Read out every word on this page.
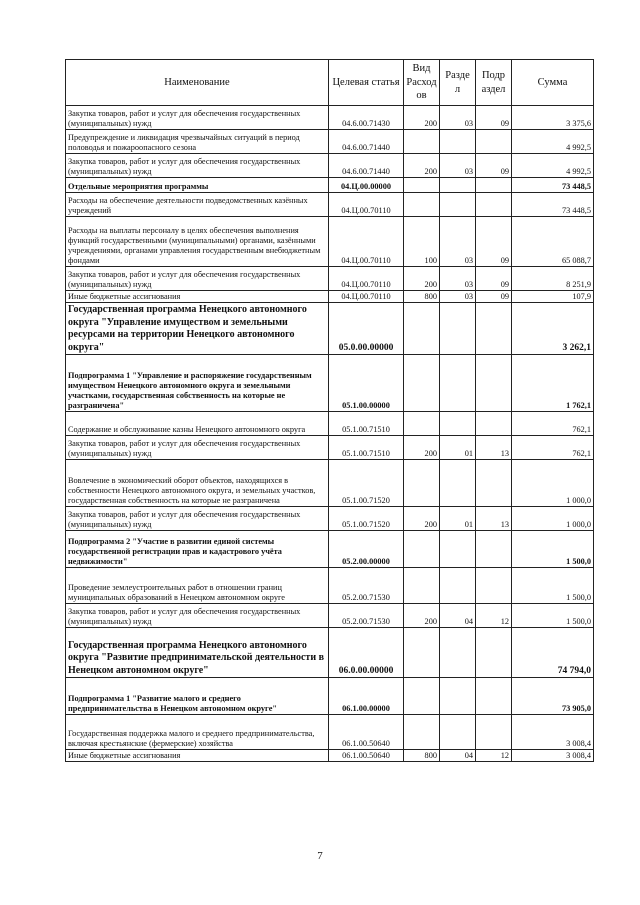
Наименование	Целевая статья	Вид Расход ов	Разде л	Подр аздел	Сумма
Закупка товаров, работ и услуг для обеспечения государственных (муниципальных) нужд	04.6.00.71430	200	03	09	3 375,6
Предупреждение и ликвидация чрезвычайных ситуаций в период половодья и пожароопасного сезона	04.6.00.71440				4 992,5
Закупка товаров, работ и услуг для обеспечения государственных (муниципальных) нужд	04.6.00.71440	200	03	09	4 992,5
Отдельные мероприятия программы	04.Ц.00.00000				73 448,5
Расходы на обеспечение деятельности подведомственных казённых учреждений	04.Ц.00.70110				73 448,5
Расходы на выплаты персоналу в целях обеспечения выполнения функций государственными (муниципальными) органами, казёнными учреждениями, органами управления государственным внебюджетным фондами	04.Ц.00.70110	100	03	09	65 088,7
Закупка товаров, работ и услуг для обеспечения государственных (муниципальных) нужд	04.Ц.00.70110	200	03	09	8 251,9
Иные бюджетные ассигнования	04.Ц.00.70110	800	03	09	107,9
Государственная программа Ненецкого автономного округа "Управление имуществом и земельными ресурсами на территории Ненецкого автономного округа"	05.0.00.00000				3 262,1
Подпрограмма 1 "Управление и распоряжение государственным имуществом Ненецкого автономного округа и земельными участками, государственная собственность на которые не разграничена"	05.1.00.00000				1 762,1
Содержание и обслуживание казны Ненецкого автономного округа	05.1.00.71510				762,1
Закупка товаров, работ и услуг для обеспечения государственных (муниципальных) нужд	05.1.00.71510	200	01	13	762,1
Вовлечение в экономический оборот объектов, находящихся в собственности Ненецкого автономного округа, и земельных участков, государственная собственность на которые не разграничена	05.1.00.71520				1 000,0
Закупка товаров, работ и услуг для обеспечения государственных (муниципальных) нужд	05.1.00.71520	200	01	13	1 000,0
Подпрограмма 2 "Участие в развитии единой системы государственной регистрации прав и кадастрового учёта недвижимости"	05.2.00.00000				1 500,0
Проведение землеустроительных работ в отношении границ муниципальных образований в Ненецком автономном округе	05.2.00.71530				1 500,0
Закупка товаров, работ и услуг для обеспечения государственных (муниципальных) нужд	05.2.00.71530	200	04	12	1 500,0
Государственная программа Ненецкого автономного округа "Развитие предпринимательской деятельности в Ненецком автономном округе"	06.0.00.00000				74 794,0
Подпрограмма 1 "Развитие малого и среднего предпринимательства в Ненецком автономном округе"	06.1.00.00000				73 905,0
Государственная поддержка малого и среднего предпринимательства, включая крестьянские (фермерские) хозяйства	06.1.00.50640				3 008,4
Иные бюджетные ассигнования	06.1.00.50640	800	04	12	3 008,4
7
